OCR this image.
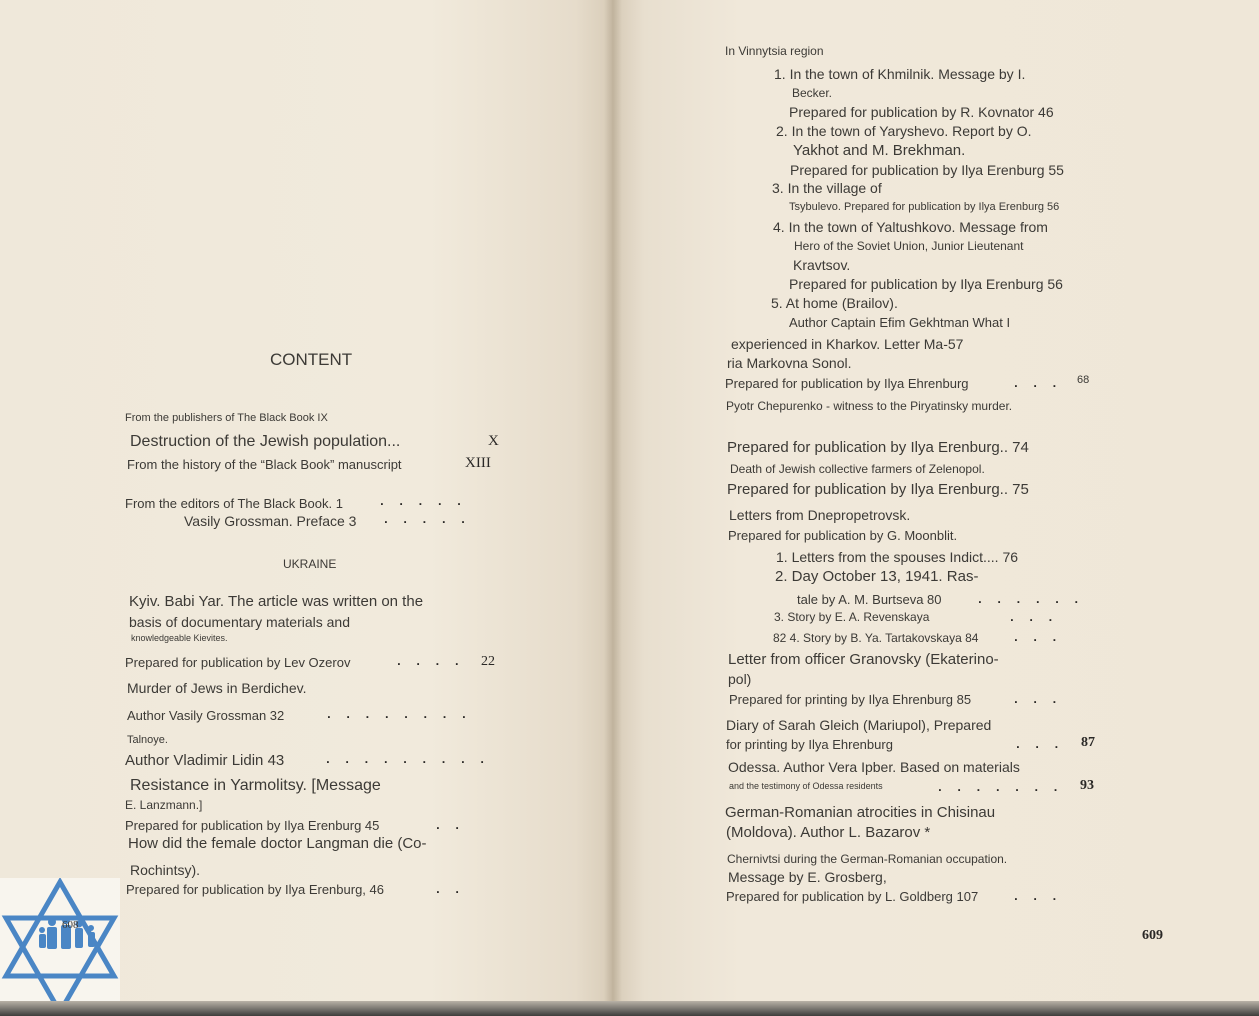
CONTENT
From the publishers of The Black Book IX
Destruction of the Jewish population...	X
From the history of the “Black Book” manuscript	XIII
From the editors of The Black Book. 1	. . . . .
Vasily Grossman. Preface 3	. . . . .
UKRAINE
Kyiv. Babi Yar. The article was written on the
basis of documentary materials and
knowledgeable Kievites.
Prepared for publication by Lev Ozerov	. . . . 22
Murder of Jews in Berdichev.
Author Vasily Grossman 32	. . . . . . . .
Talnoye.
Author Vladimir Lidin 43	. . . . . . . . .
Resistance in Yarmolitsy. [Message
E. Lanzmann.]
Prepared for publication by Ilya Erenburg 45	. .
How did the female doctor Langman die (Co-
Rochintsy).
Prepared for publication by Ilya Erenburg, 46	. .
608
In Vinnytsia region
1. In the town of Khmilnik. Message by I.
Becker.
Prepared for publication by R. Kovnator 46
2. In the town of Yaryshevo. Report by O.
Yakhot and M. Brekhman.
Prepared for publication by Ilya Erenburg 55
3. In the village of
Tsybulevo. Prepared for publication by Ilya Erenburg 56
4. In the town of Yaltushkovo. Message from
Hero of the Soviet Union, Junior Lieutenant
Kravtsov.
Prepared for publication by Ilya Erenburg 56
5. At home (Brailov).
Author Captain Efim Gekhtman What I
experienced in Kharkov. Letter Ma-57
ria Markovna Sonol.
Prepared for publication by Ilya Ehrenburg	. . . 68
Pyotr Chepurenko - witness to the Piryatinsky murder.
Prepared for publication by Ilya Erenburg.. 74
Death of Jewish collective farmers of Zelenopol.
Prepared for publication by Ilya Erenburg.. 75
Letters from Dnepropetrovsk.
Prepared for publication by G. Moonblit.
1. Letters from the spouses Indict.... 76
2. Day October 13, 1941. Ras-
tale by A. M. Burtseva 80	. . . . . .
3. Story by E. A. Revenskaya	. . .
82 4. Story by B. Ya. Tartakovskaya 84	. . .
Letter from officer Granovsky (Ekaterino-
pol)
Prepared for printing by Ilya Ehrenburg 85	. . .
Diary of Sarah Gleich (Mariupol), Prepared
for printing by Ilya Ehrenburg	. . . 87
Odessa. Author Vera Ipber. Based on materials
and the testimony of Odessa residents	. . . . . . . 93
German-Romanian atrocities in Chisinau
(Moldova). Author L. Bazarov *
Chernivtsi during the German-Romanian occupation.
Message by E. Grosberg,
Prepared for publication by L. Goldberg 107	. . .
609
